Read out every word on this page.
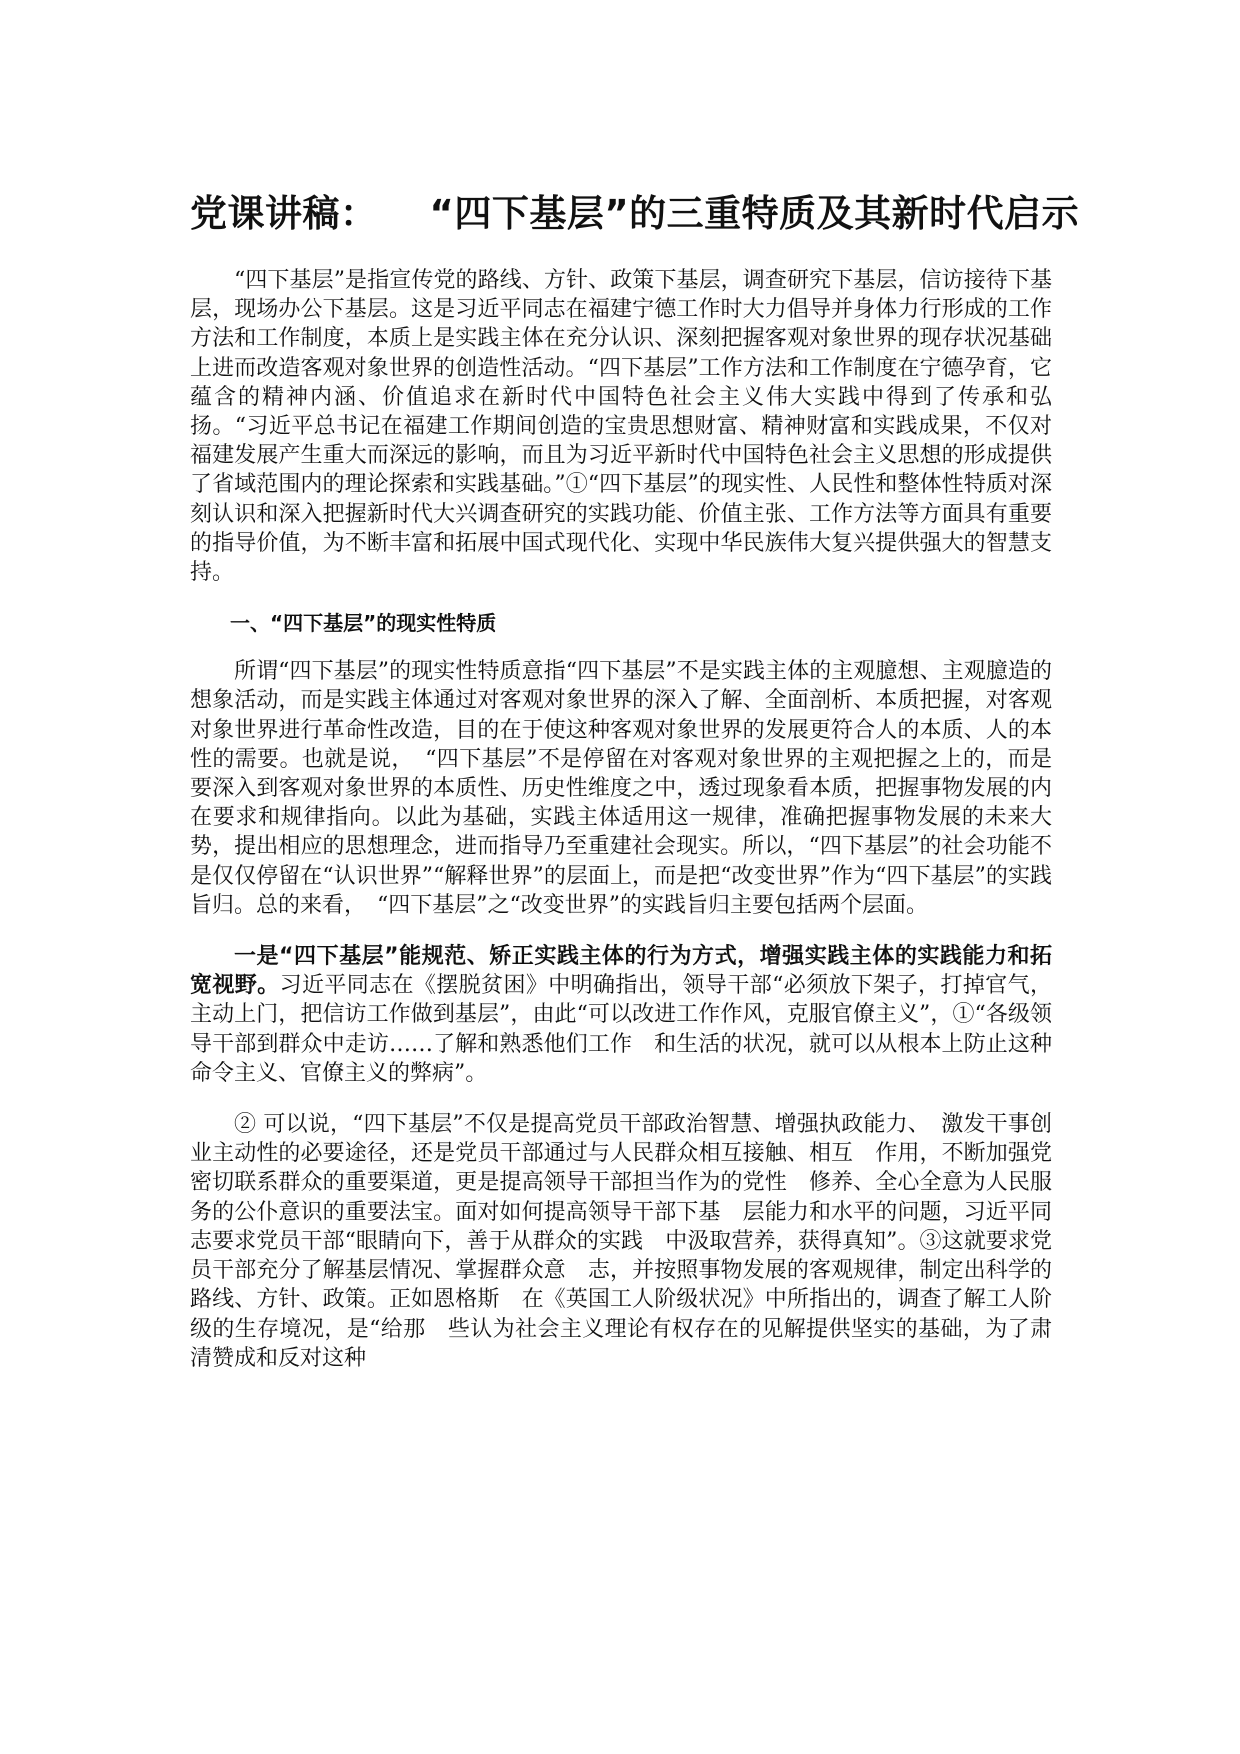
党课讲稿： “四下基层”的三重特质及其新时代启示

“四下基层”是指宣传党的路线、方针、政策下基层，调查研究下基层，信访接待下基层，现场办公下基层。这是习近平同志在福建宁德工作时大力倡导并身体力行形成的工作方法和工作制度，本质上是实践主体在充分认识、深刻把握客观对象世界的现存状况基础上进而改造客观对象世界的创造性活动。“四下基层”工作方法和工作制度在宁德孕育，它蕴含的精神内涵、价值追求在新时代中国特色社会主义伟大实践中得到了传承和弘扬。“习近平总书记在福建工作期间创造的宝贵思想财富、精神财富和实践成果，不仅对福建发展产生重大而深远的影响，而且为习近平新时代中国特色社会主义思想的形成提供了省域范围内的理论探索和实践基础。”①“四下基层”的现实性、人民性和整体性特质对深刻认识和深入把握新时代大兴调查研究的实践功能、价值主张、工作方法等方面具有重要的指导价值，为不断丰富和拓展中国式现代化、实现中华民族伟大复兴提供强大的智慧支持。

一、“四下基层”的现实性特质

所谓“四下基层”的现实性特质意指“四下基层”不是实践主体的主观臆想、主观臆造的想象活动，而是实践主体通过对客观对象世界的深入了解、全面剖析、本质把握，对客观对象世界进行革命性改造，目的在于使这种客观对象世界的发展更符合人的本质、人的本性的需要。也就是说，　“四下基层”不是停留在对客观对象世界的主观把握之上的，而是要深入到客观对象世界的本质性、历史性维度之中，透过现象看本质，把握事物发展的内在要求和规律指向。以此为基础，实践主体适用这一规律，准确把握事物发展的未来大势，提出相应的思想理念，进而指导乃至重建社会现实。所以，“四下基层”的社会功能不是仅仅停留在“认识世界”“解释世界”的层面上，而是把“改变世界”作为“四下基层”的实践旨归。总的来看，　“四下基层”之“改变世界”的实践旨归主要包括两个层面。

一是“四下基层”能规范、矫正实践主体的行为方式，增强实践主体的实践能力和拓宽视野。习近平同志在《摆脱贫困》中明确指出，领导干部“必须放下架子，打掉官气，主动上门，把信访工作做到基层”，由此“可以改进工作作风，克服官僚主义”，①“各级领导干部到群众中走访……了解和熟悉他们工作　和生活的状况，就可以从根本上防止这种命令主义、官僚主义的弊病”。

② 可以说，“四下基层”不仅是提高党员干部政治智慧、增强执政能力、　激发干事创业主动性的必要途径，还是党员干部通过与人民群众相互接触、相互　作用，不断加强党密切联系群众的重要渠道，更是提高领导干部担当作为的党性　修养、全心全意为人民服务的公仆意识的重要法宝。面对如何提高领导干部下基　层能力和水平的问题，习近平同志要求党员干部“眼睛向下，善于从群众的实践　中汲取营养，获得真知”。③这就要求党员干部充分了解基层情况、掌握群众意　志，并按照事物发展的客观规律，制定出科学的路线、方针、政策。正如恩格斯　在《英国工人阶级状况》中所指出的，调查了解工人阶级的生存境况，是“给那　些认为社会主义理论有权存在的见解提供坚实的基础，为了肃清赞成和反对这种
